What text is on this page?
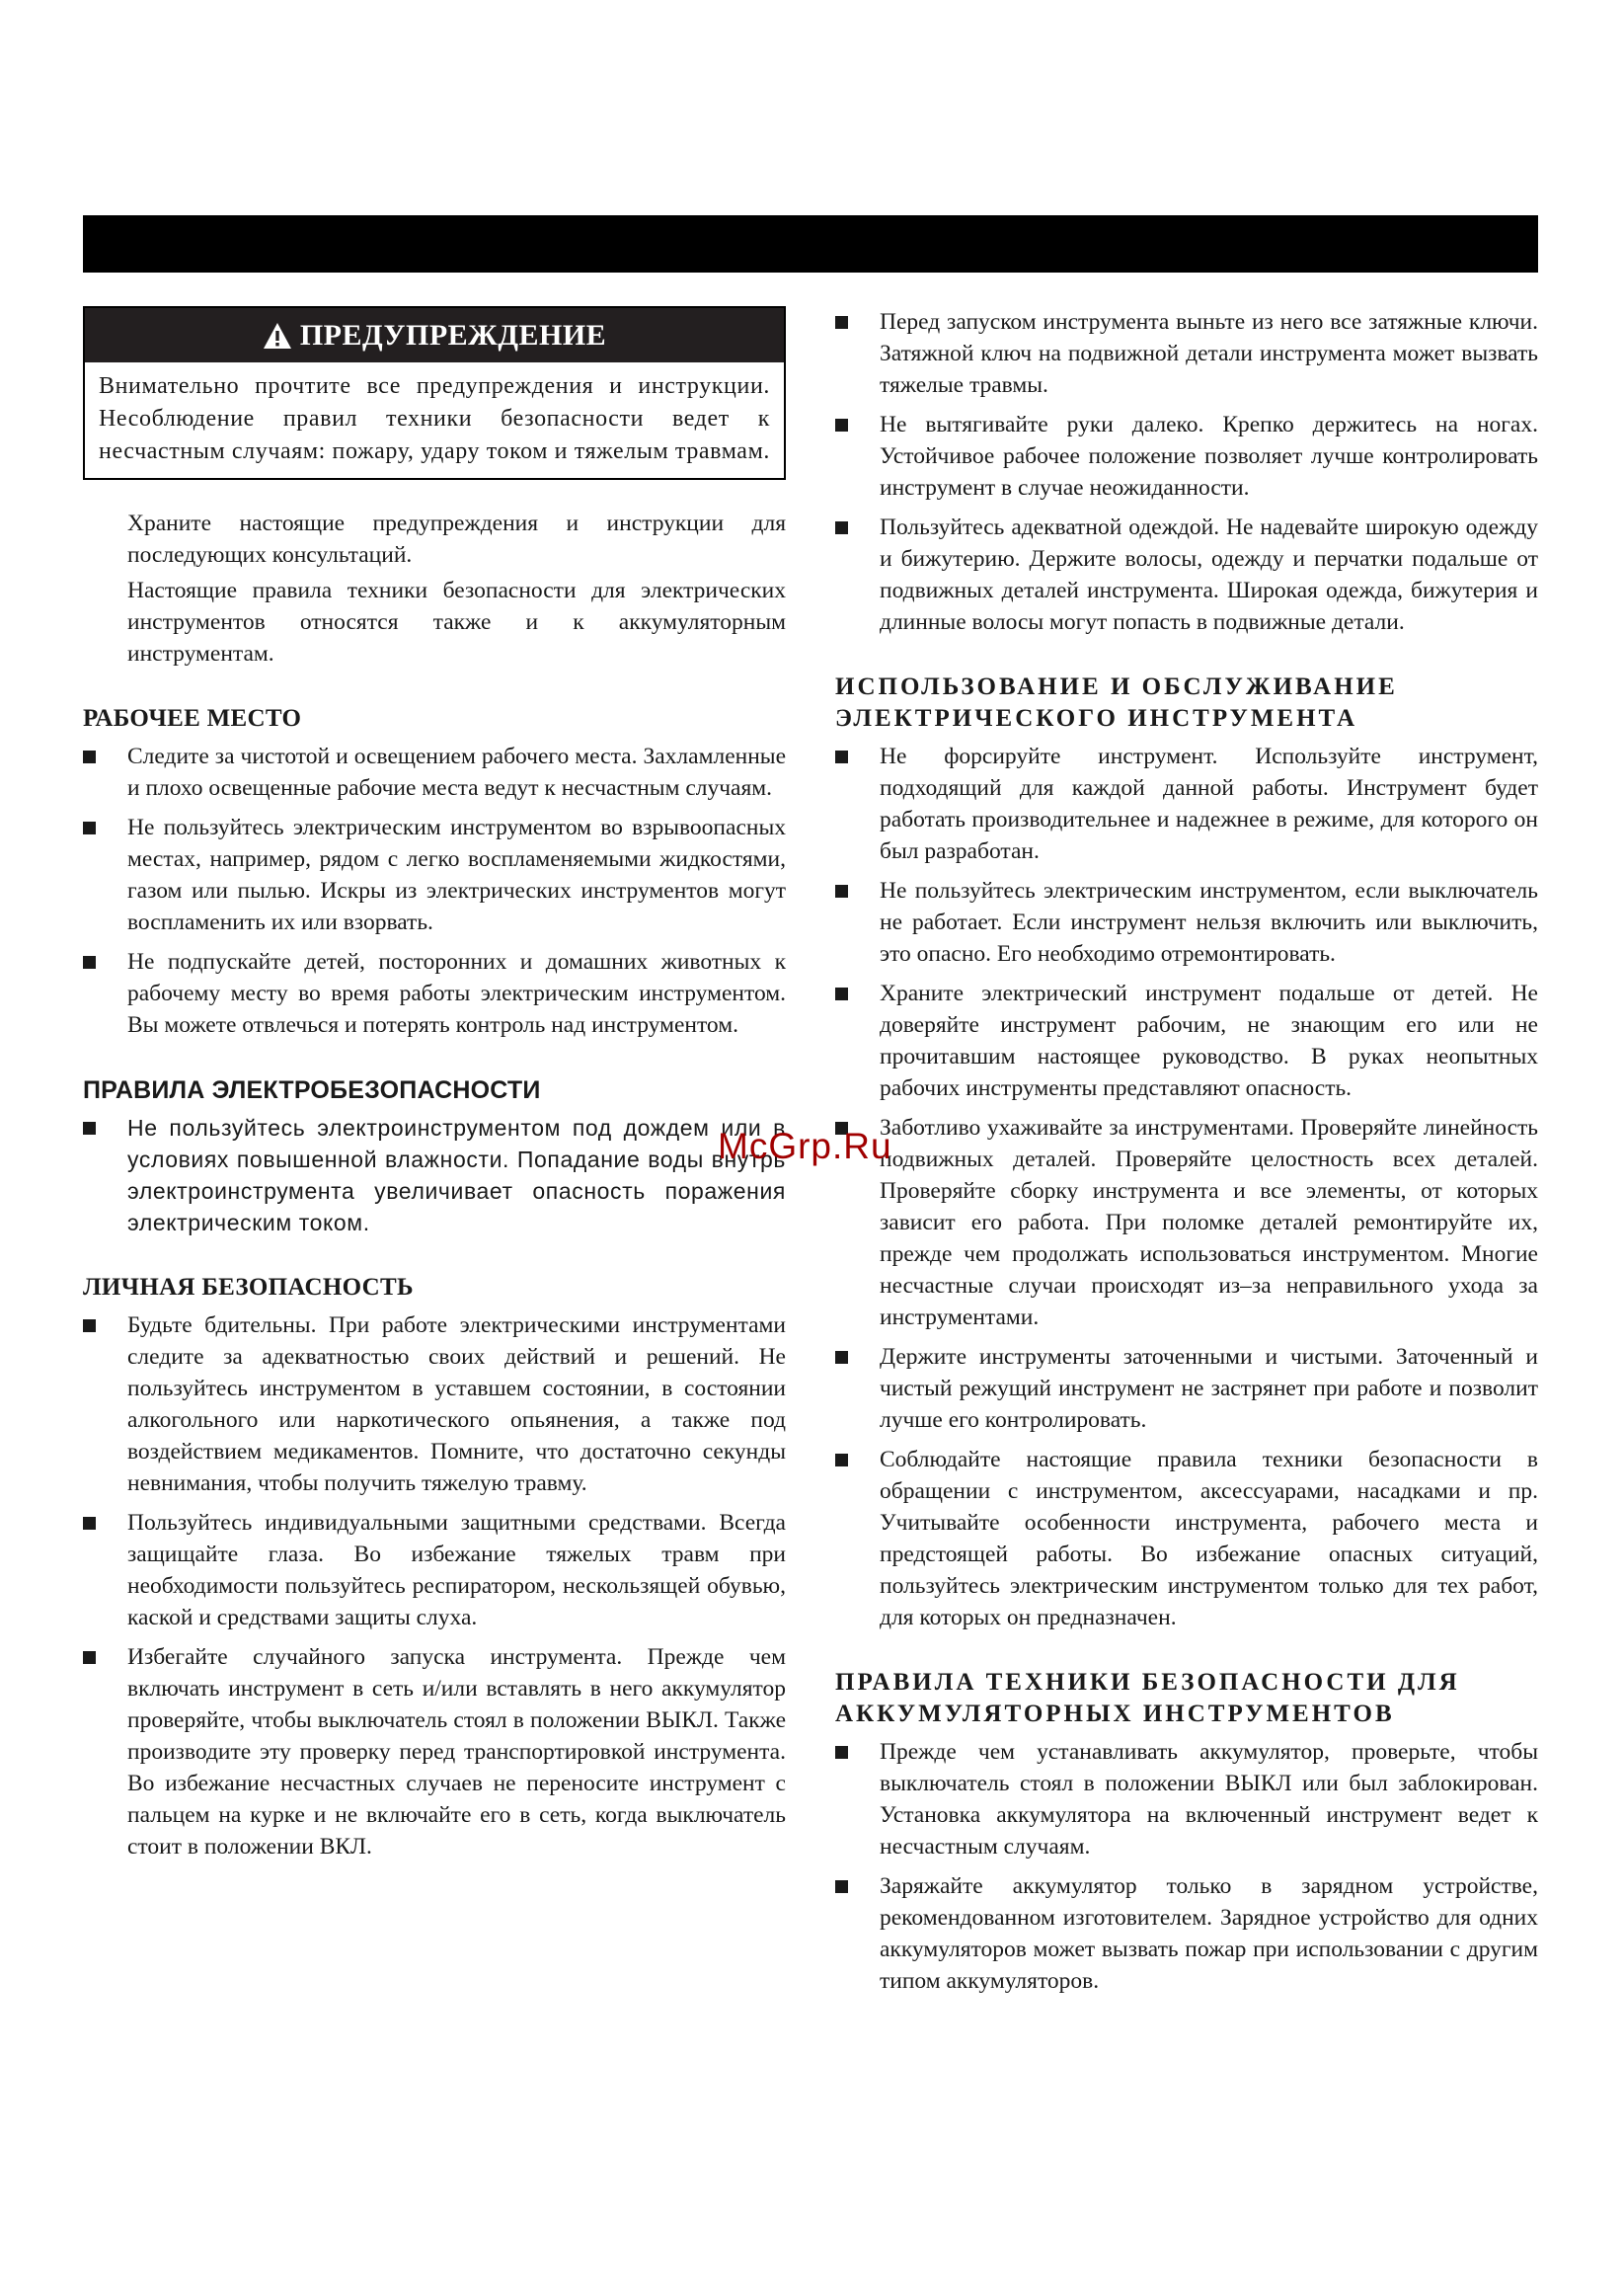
ПРЕДУПРЕЖДЕНИЕ
Внимательно прочтите все предупреждения и инструкции. Несоблюдение правил техники безопасности ведет к несчастным случаям: пожару, удару током и тяжелым травмам.

Храните настоящие предупреждения и инструкции для последующих консультаций.

Настоящие правила техники безопасности для электрических инструментов относятся также и к аккумуляторным инструментам.

РАБОЧЕЕ МЕСТО
Следите за чистотой и освещением рабочего места. Захламленные и плохо освещенные рабочие места ведут к несчастным случаям.
Не пользуйтесь электрическим инструментом во взрывоопасных местах, например, рядом с легко воспламеняемыми жидкостями, газом или пылью. Искры из электрических инструментов могут воспламенить их или взорвать.
Не подпускайте детей, посторонних и домашних животных к рабочему месту во время работы электрическим инструментом. Вы можете отвлечься и потерять контроль над инструментом.
ПРАВИЛА ЭЛЕКТРОБЕЗОПАСНОСТИ
Не пользуйтесь электроинструментом под дождем или в условиях повышенной влажности. Попадание воды внутрь электроинструмента увеличивает опасность поражения электрическим током.
ЛИЧНАЯ БЕЗОПАСНОСТЬ
Будьте бдительны. При работе электрическими инструментами следите за адекватностью своих действий и решений. Не пользуйтесь инструментом в уставшем состоянии, в состоянии алкогольного или наркотического опьянения, а также под воздействием медикаментов. Помните, что достаточно секунды невнимания, чтобы получить тяжелую травму.
Пользуйтесь индивидуальными защитными средствами. Всегда защищайте глаза. Во избежание тяжелых травм при необходимости пользуйтесь респиратором, нескользящей обувью, каской и средствами защиты слуха.
Избегайте случайного запуска инструмента. Прежде чем включать инструмент в сеть и/или вставлять в него аккумулятор проверяйте, чтобы выключатель стоял в положении ВЫКЛ. Также производите эту проверку перед транспортировкой инструмента. Во избежание несчастных случаев не переносите инструмент с пальцем на курке и не включайте его в сеть, когда выключатель стоит в положении ВКЛ.
Перед запуском инструмента выньте из него все затяжные ключи. Затяжной ключ на подвижной детали инструмента может вызвать тяжелые травмы.
Не вытягивайте руки далеко. Крепко держитесь на ногах. Устойчивое рабочее положение позволяет лучше контролировать инструмент в случае неожиданности.
Пользуйтесь адекватной одеждой. Не надевайте широкую одежду и бижутерию. Держите волосы, одежду и перчатки подальше от подвижных деталей инструмента. Широкая одежда, бижутерия и длинные волосы могут попасть в подвижные детали.
ИСПОЛЬЗОВАНИЕ И ОБСЛУЖИВАНИЕ ЭЛЕКТРИЧЕСКОГО ИНСТРУМЕНТА
Не форсируйте инструмент. Используйте инструмент, подходящий для каждой данной работы. Инструмент будет работать производительнее и надежнее в режиме, для которого он был разработан.
Не пользуйтесь электрическим инструментом, если выключатель не работает. Если инструмент нельзя включить или выключить, это опасно. Его необходимо отремонтировать.
Храните электрический инструмент подальше от детей. Не доверяйте инструмент рабочим, не знающим его или не прочитавшим настоящее руководство. В руках неопытных рабочих инструменты представляют опасность.
Заботливо ухаживайте за инструментами. Проверяйте линейность подвижных деталей. Проверяйте целостность всех деталей. Проверяйте сборку инструмента и все элементы, от которых зависит его работа. При поломке деталей ремонтируйте их, прежде чем продолжать использоваться инструментом. Многие несчастные случаи происходят из–за неправильного ухода за инструментами.
Держите инструменты заточенными и чистыми. Заточенный и чистый режущий инструмент не застрянет при работе и позволит лучше его контролировать.
Соблюдайте настоящие правила техники безопасности в обращении с инструментом, аксессуарами, насадками и пр. Учитывайте особенности инструмента, рабочего места и предстоящей работы. Во избежание опасных ситуаций, пользуйтесь электрическим инструментом только для тех работ, для которых он предназначен.
ПРАВИЛА ТЕХНИКИ БЕЗОПАСНОСТИ ДЛЯ АККУМУЛЯТОРНЫХ ИНСТРУМЕНТОВ
Прежде чем устанавливать аккумулятор, проверьте, чтобы выключатель стоял в положении ВЫКЛ или был заблокирован. Установка аккумулятора на включенный инструмент ведет к несчастным случаям.
Заряжайте аккумулятор только в зарядном устройстве, рекомендованном изготовителем. Зарядное устройство для одних аккумуляторов может вызвать пожар при использовании с другим типом аккумуляторов.
McGrp.Ru
